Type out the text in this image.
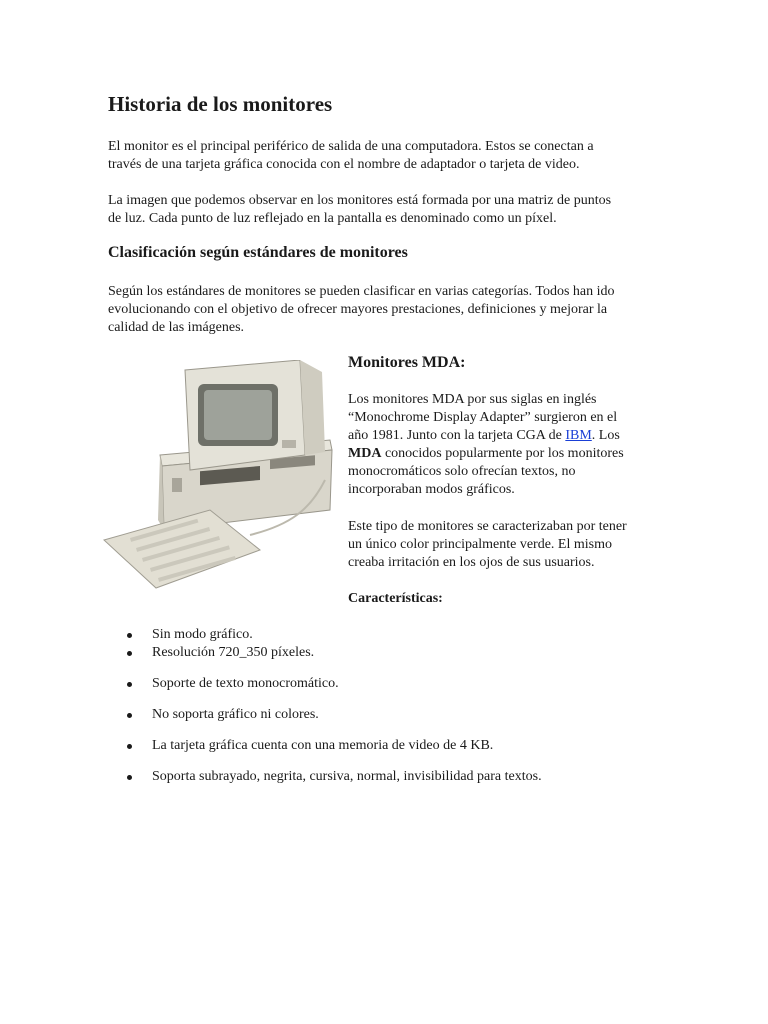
Historia de los monitores

El monitor es el principal periférico de salida de una computadora. Estos se conectan a
través de una tarjeta gráfica conocida con el nombre de adaptador o tarjeta de video.

La imagen que podemos observar en los monitores está formada por una matriz de puntos
de luz. Cada punto de luz reflejado en la pantalla es denominado como un píxel.

Clasificación según estándares de monitores

Según los estándares de monitores se pueden clasificar en varias categorías. Todos han ido
evolucionando con el objetivo de ofrecer mayores prestaciones, definiciones y mejorar la
calidad de las imágenes.

Monitores MDA:

Los monitores MDA por sus siglas en inglés
“Monochrome Display Adapter” surgieron en el
año 1981. Junto con la tarjeta CGA de IBM. Los
MDA conocidos popularmente por los monitores
monocromáticos solo ofrecían textos, no
incorporaban modos gráficos.

Este tipo de monitores se caracterizaban por tener
un único color principalmente verde. El mismo
creaba irritación en los ojos de sus usuarios.

Características:

Sin modo gráfico.
Resolución 720_350 píxeles.
Soporte de texto monocromático.
No soporta gráfico ni colores.
La tarjeta gráfica cuenta con una memoria de video de 4 KB.
Soporta subrayado, negrita, cursiva, normal, invisibilidad para textos.
